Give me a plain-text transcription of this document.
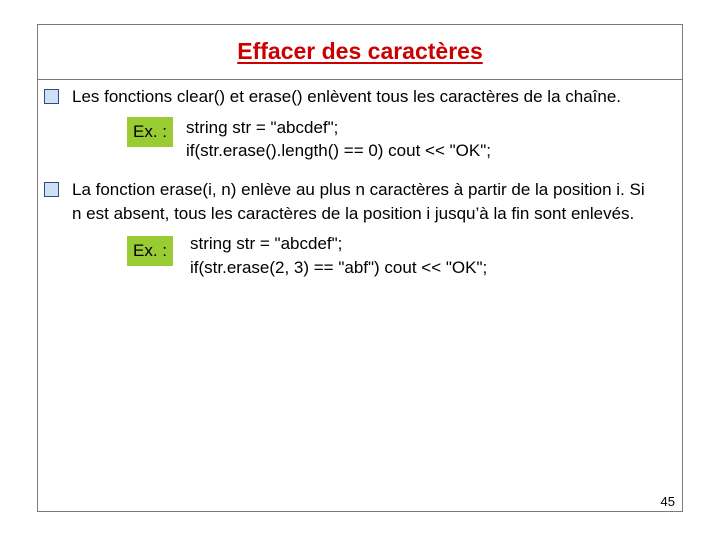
Effacer des caractères
Les fonctions clear() et erase() enlèvent tous les caractères de la chaîne.
Ex. :	string str = "abcdef";
if(str.erase().length() == 0) cout << "OK";
La fonction erase(i, n) enlève au plus n caractères à partir de la position i. Si
n est absent, tous les caractères de la position i jusqu’à la fin sont enlevés.
Ex. :	string str = "abcdef";
if(str.erase(2, 3) == "abf") cout << "OK";
45
